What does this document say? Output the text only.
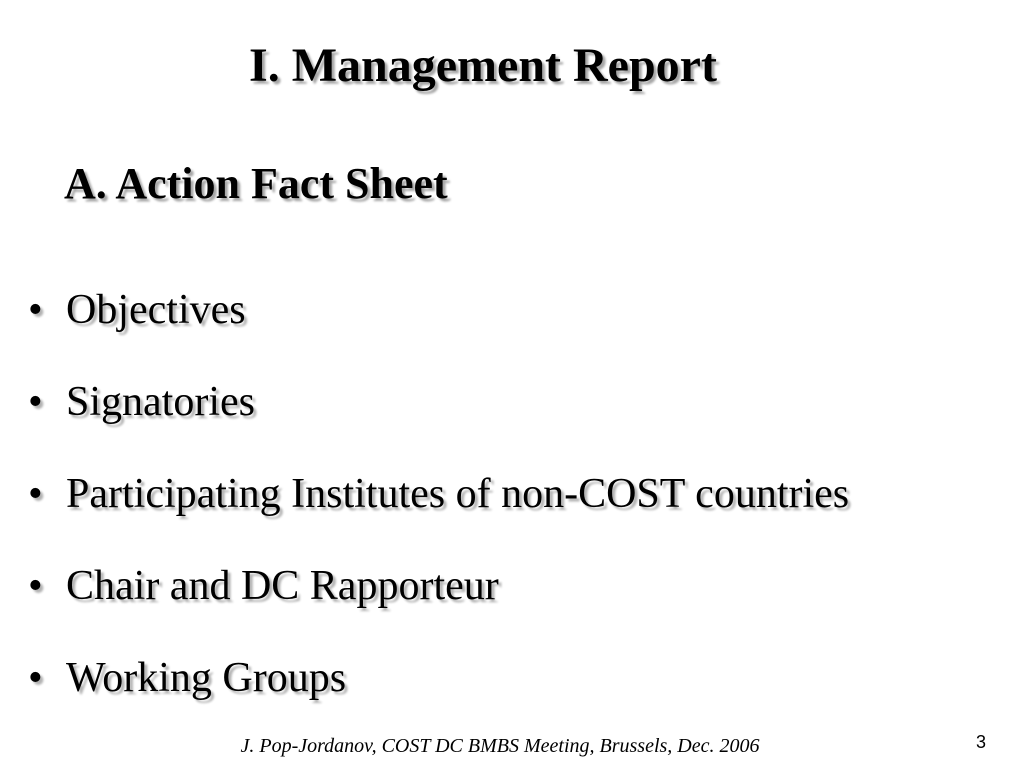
I. Management Report
A. Action Fact Sheet
• Objectives
• Signatories
• Participating Institutes of non-COST countries
• Chair and DC Rapporteur
• Working Groups
J. Pop-Jordanov, COST DC BMBS Meeting, Brussels, Dec. 2006	3
